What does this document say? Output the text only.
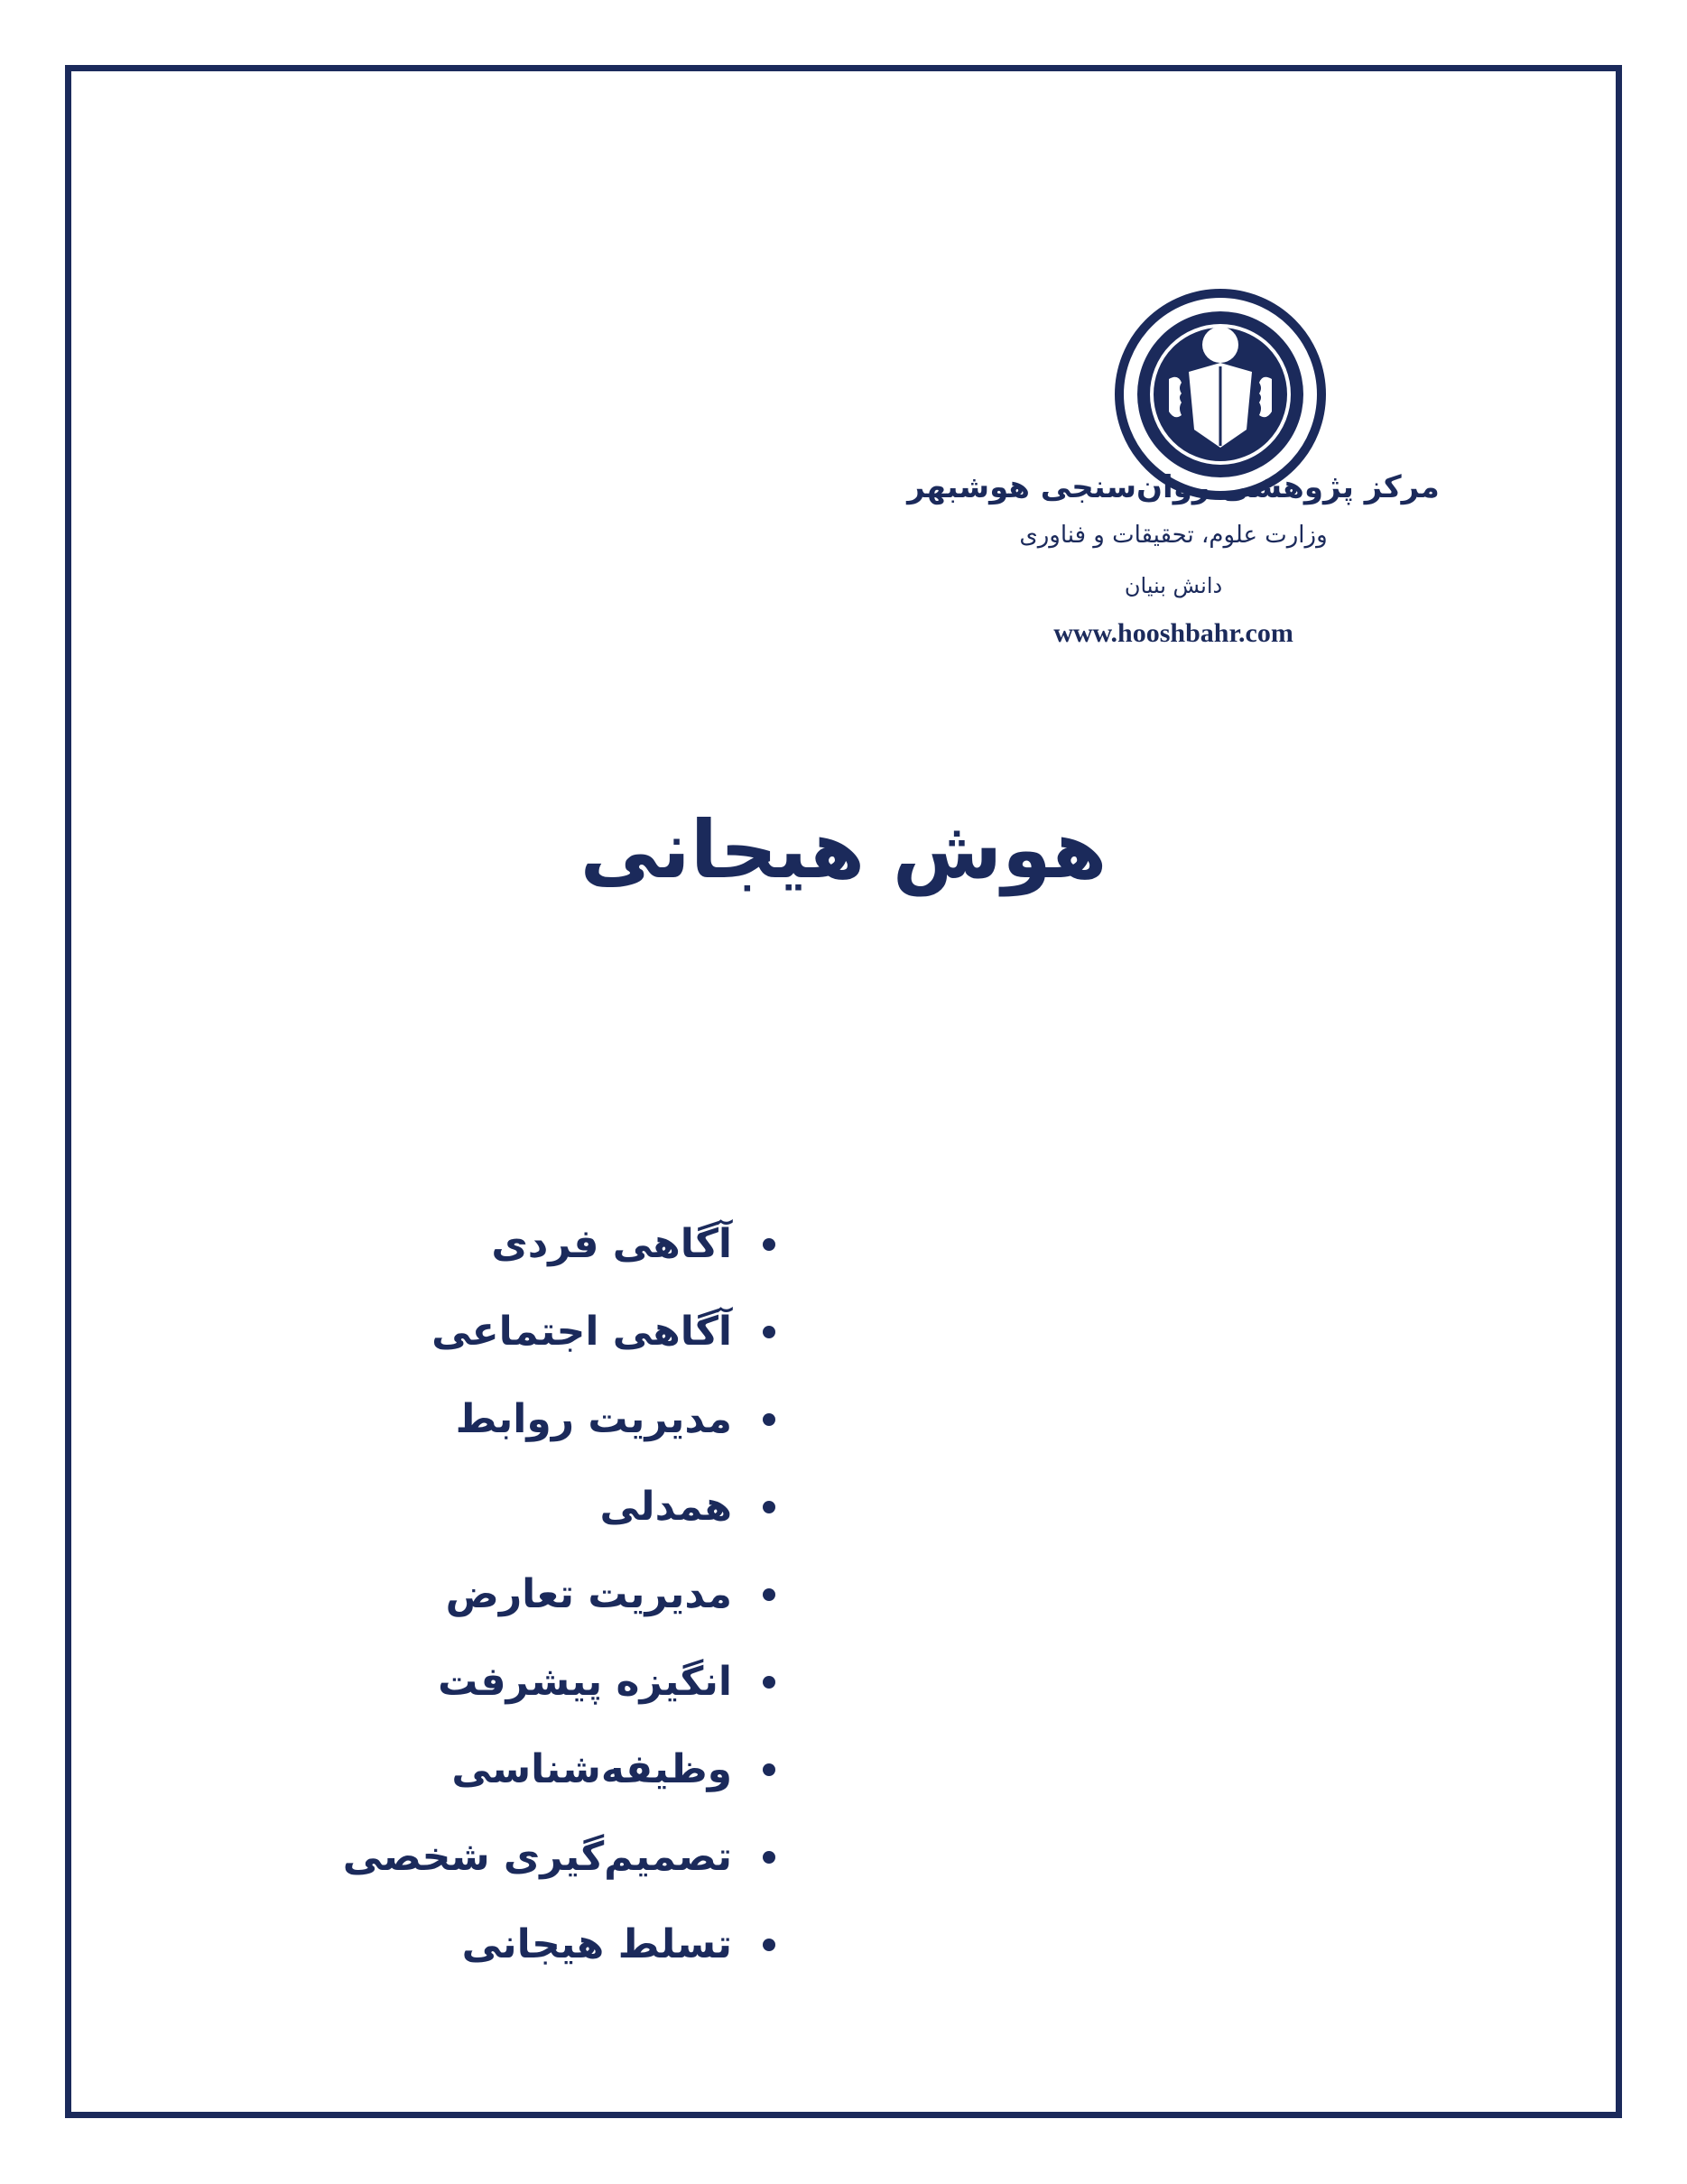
مرکز پژوهشی روان‌سنجی هوشبهر
وزارت علوم، تحقیقات و فناوری
دانش بنیان
www.hooshbahr.com
هوش هیجانی
آگاهی فردی
آگاهی اجتماعی
مدیریت روابط
همدلی
مدیریت تعارض
انگیزه پیشرفت
وظیفه‌شناسی
تصمیم‌گیری شخصی
تسلط هیجانی
